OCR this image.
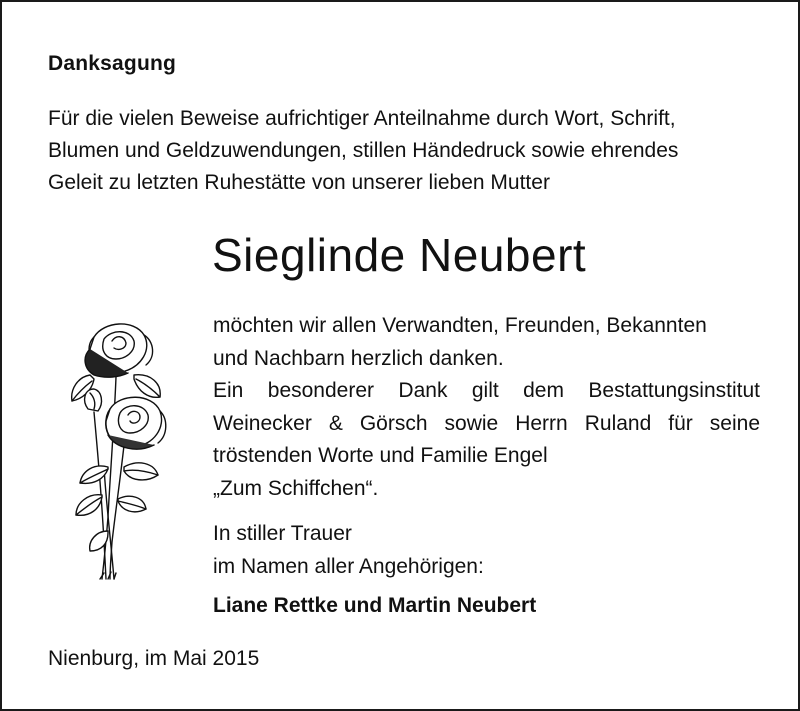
Danksagung

Für die vielen Beweise aufrichtiger Anteilnahme durch Wort, Schrift,
Blumen und Geldzuwendungen, stillen Händedruck sowie ehrendes
Geleit zu letzten Ruhestätte von unserer lieben Mutter

Sieglinde Neubert

möchten wir allen Verwandten, Freunden, Bekannten
und Nachbarn herzlich danken.
Ein besonderer Dank gilt dem Bestattungsinstitut
Weinecker & Görsch sowie Herrn Ruland für seine
tröstenden Worte und Familie Engel
„Zum Schiffchen“.

In stiller Trauer
im Namen aller Angehörigen:

Liane Rettke und Martin Neubert

Nienburg, im Mai 2015
